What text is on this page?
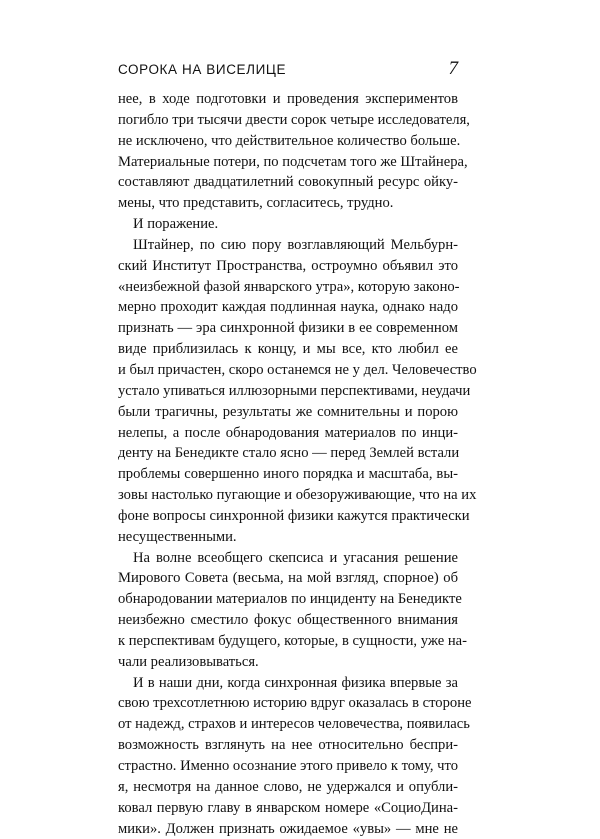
СОРОКА НА ВИСЕЛИЦЕ	7
нее, в ходе подготовки и проведения экспериментов
погибло три тысячи двести сорок четыре исследователя,
не исключено, что действительное количество больше.
Материальные потери, по подсчетам того же Штайнера,
составляют двадцатилетний совокупный ресурс ойку-
мены, что представить, согласитесь, трудно.
И поражение.
Штайнер, по сию пору возглавляющий Мельбурн-
ский Институт Пространства, остроумно объявил это
«неизбежной фазой январского утра», которую законо-
мерно проходит каждая подлинная наука, однако надо
признать — эра синхронной физики в ее современном
виде приблизилась к концу, и мы все, кто любил ее
и был причастен, скоро останемся не у дел. Человечество
устало упиваться иллюзорными перспективами, неудачи
были трагичны, результаты же сомнительны и порою
нелепы, а после обнародования материалов по инци-
денту на Бенедикте стало ясно — перед Землей встали
проблемы совершенно иного порядка и масштаба, вы-
зовы настолько пугающие и обезоруживающие, что на их
фоне вопросы синхронной физики кажутся практически
несущественными.
На волне всеобщего скепсиса и угасания решение
Мирового Совета (весьма, на мой взгляд, спорное) об
обнародовании материалов по инциденту на Бенедикте
неизбежно сместило фокус общественного внимания
к перспективам будущего, которые, в сущности, уже на-
чали реализовываться.
И в наши дни, когда синхронная физика впервые за
свою трехсотлетнюю историю вдруг оказалась в стороне
от надежд, страхов и интересов человечества, появилась
возможность взглянуть на нее относительно беспри-
страстно. Именно осознание этого привело к тому, что
я, несмотря на данное слово, не удержался и опубли-
ковал первую главу в январском номере «СоциоДина-
мики». Должен признать ожидаемое «увы» — мне не
